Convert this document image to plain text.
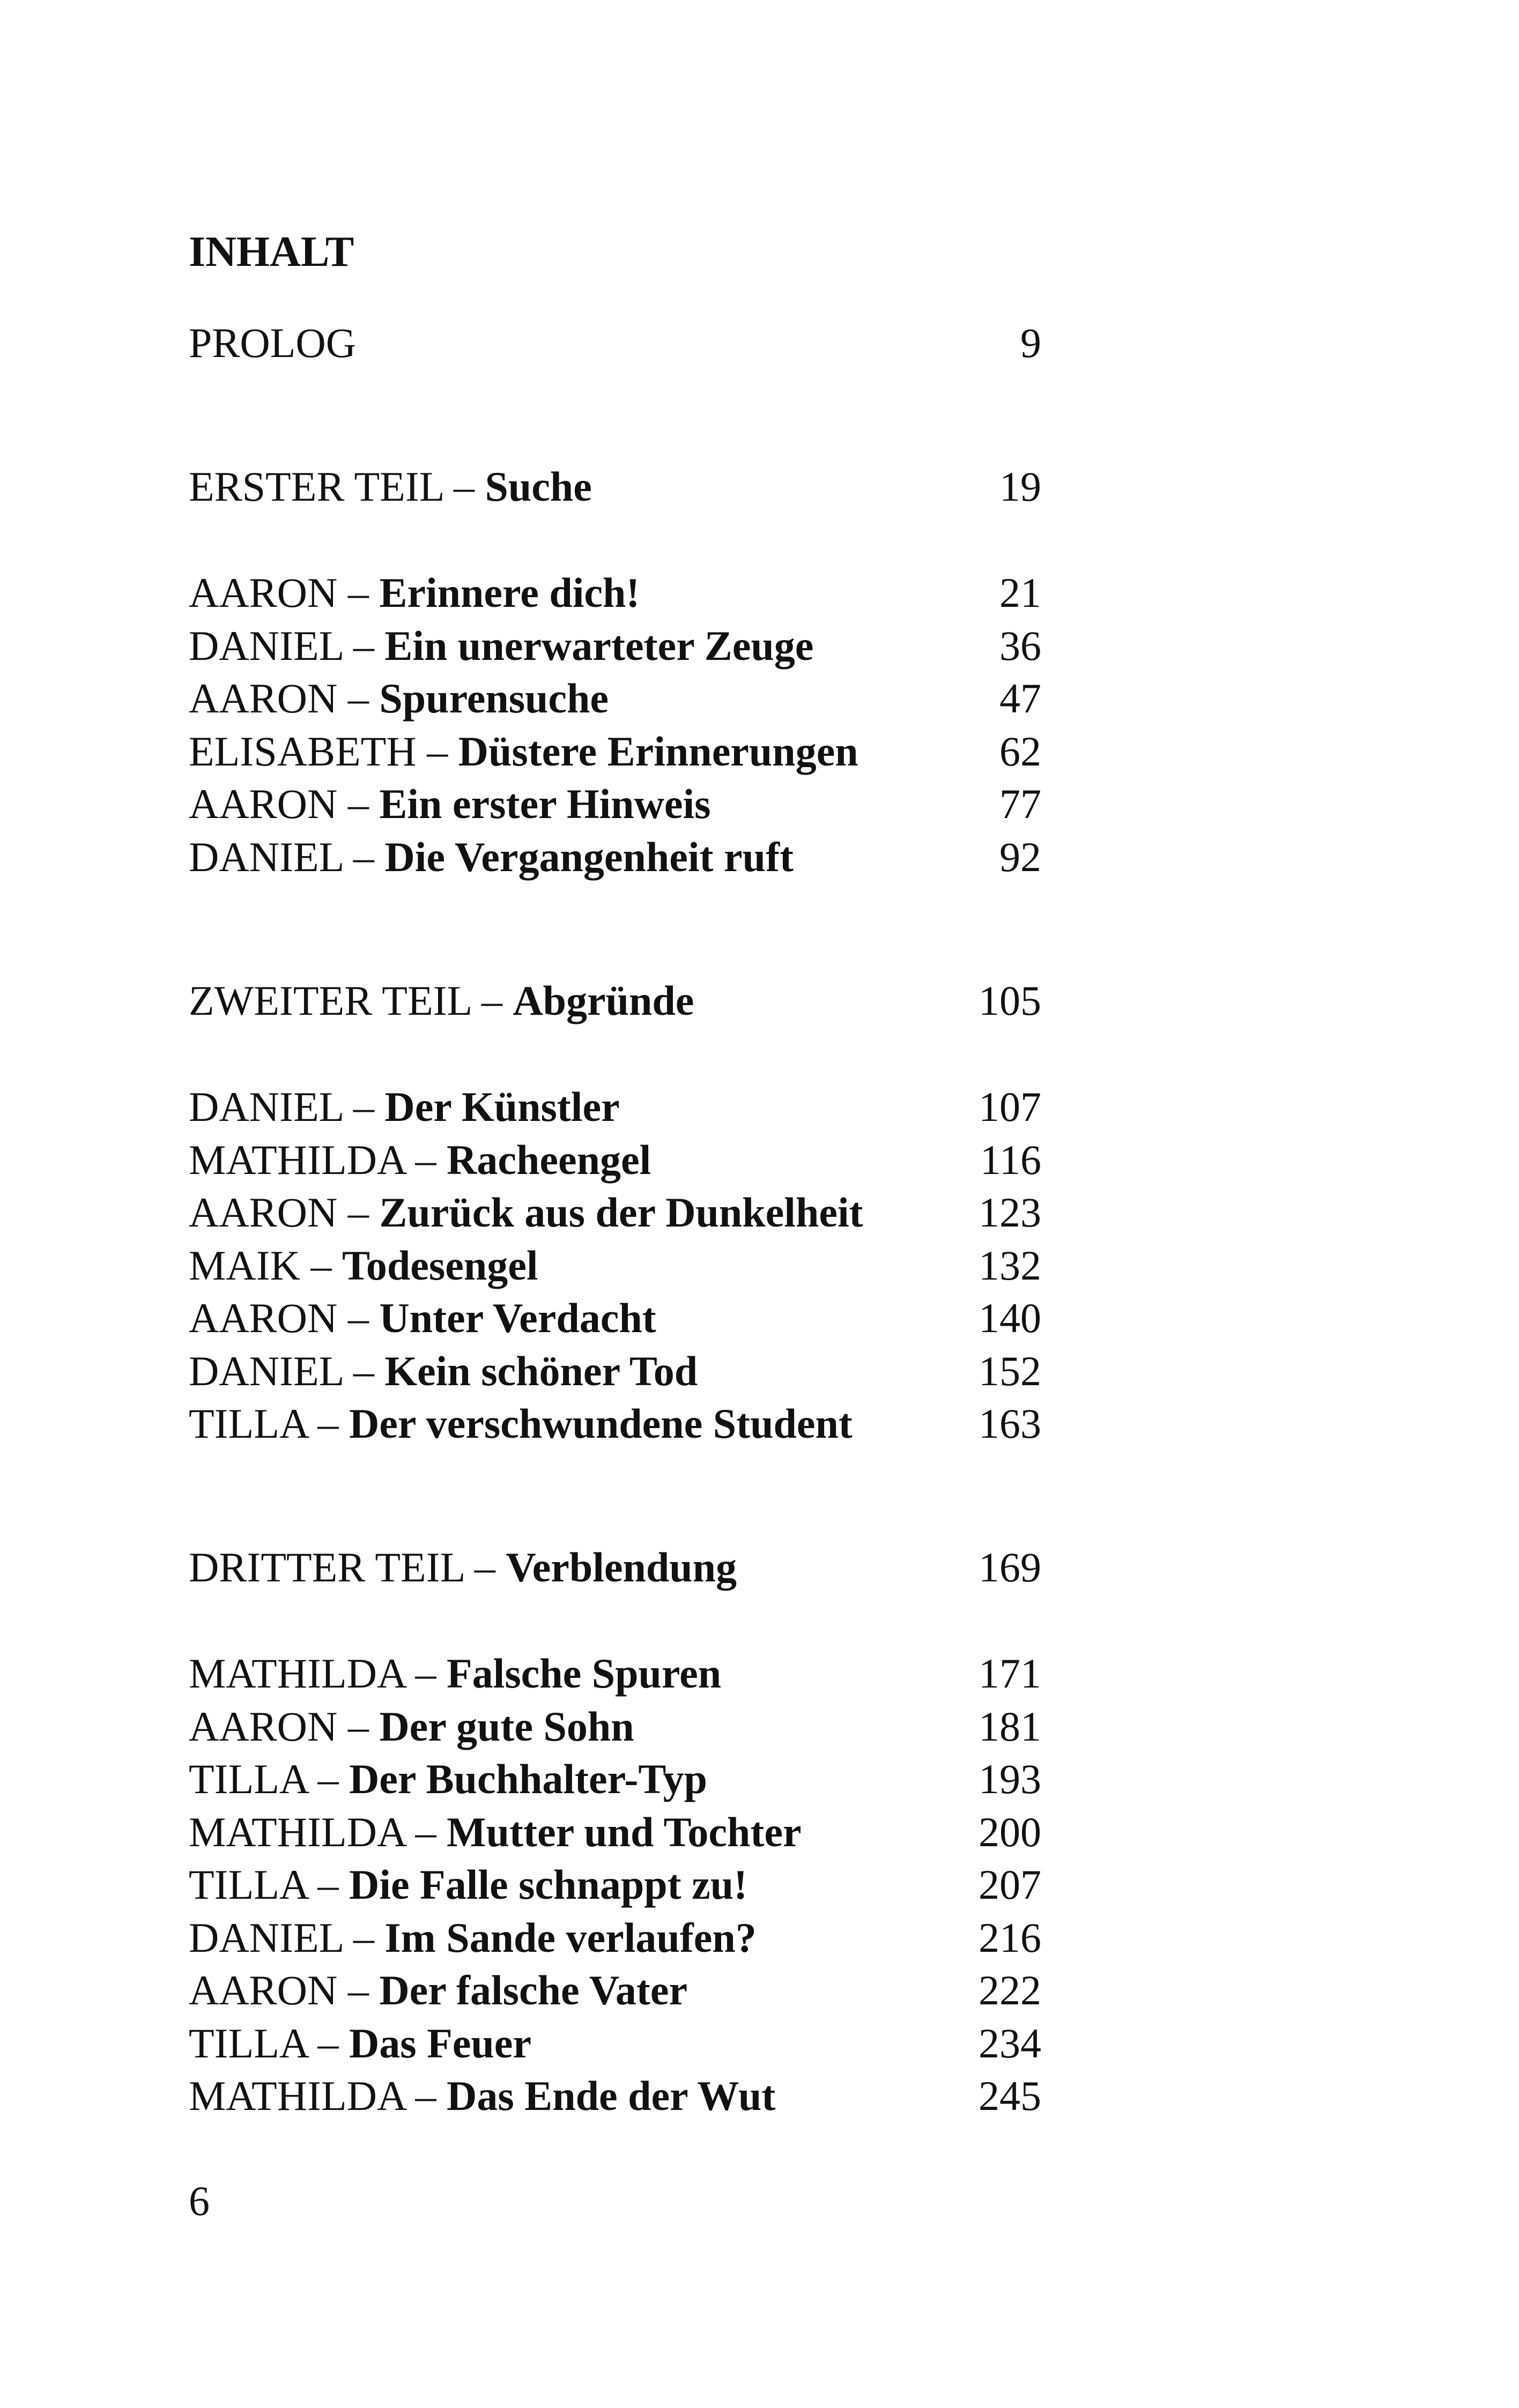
INHALT
PROLOG	9
ERSTER TEIL – Suche	19
AARON – Erinnere dich!	21
DANIEL – Ein unerwarteter Zeuge	36
AARON – Spurensuche	47
ELISABETH – Düstere Erinnerungen	62
AARON – Ein erster Hinweis	77
DANIEL – Die Vergangenheit ruft	92
ZWEITER TEIL – Abgründe	105
DANIEL – Der Künstler	107
MATHILDA – Racheengel	116
AARON – Zurück aus der Dunkelheit	123
MAIK – Todesengel	132
AARON – Unter Verdacht	140
DANIEL – Kein schöner Tod	152
TILLA – Der verschwundene Student	163
DRITTER TEIL – Verblendung	169
MATHILDA – Falsche Spuren	171
AARON – Der gute Sohn	181
TILLA – Der Buchhalter-Typ	193
MATHILDA – Mutter und Tochter	200
TILLA – Die Falle schnappt zu!	207
DANIEL – Im Sande verlaufen?	216
AARON – Der falsche Vater	222
TILLA – Das Feuer	234
MATHILDA – Das Ende der Wut	245
6
